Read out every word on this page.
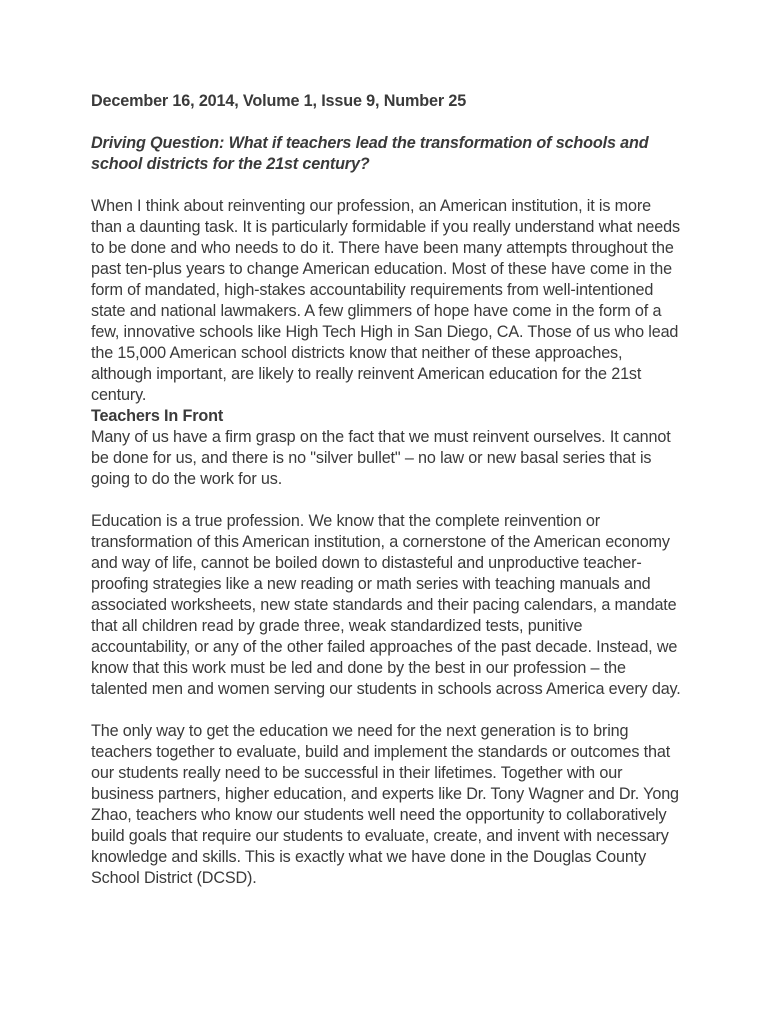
December 16, 2014, Volume 1, Issue 9, Number 25

Driving Question: What if teachers lead the transformation of schools and school districts for the 21st century?

When I think about reinventing our profession, an American institution, it is more than a daunting task. It is particularly formidable if you really understand what needs to be done and who needs to do it. There have been many attempts throughout the past ten-plus years to change American education. Most of these have come in the form of mandated, high-stakes accountability requirements from well-intentioned state and national lawmakers. A few glimmers of hope have come in the form of a few, innovative schools like High Tech High in San Diego, CA. Those of us who lead the 15,000 American school districts know that neither of these approaches, although important, are likely to really reinvent American education for the 21st century.

Teachers In Front

Many of us have a firm grasp on the fact that we must reinvent ourselves. It cannot be done for us, and there is no "silver bullet" – no law or new basal series that is going to do the work for us.

Education is a true profession. We know that the complete reinvention or transformation of this American institution, a cornerstone of the American economy and way of life, cannot be boiled down to distasteful and unproductive teacher-proofing strategies like a new reading or math series with teaching manuals and associated worksheets, new state standards and their pacing calendars, a mandate that all children read by grade three, weak standardized tests, punitive accountability, or any of the other failed approaches of the past decade. Instead, we know that this work must be led and done by the best in our profession – the talented men and women serving our students in schools across America every day.

The only way to get the education we need for the next generation is to bring teachers together to evaluate, build and implement the standards or outcomes that our students really need to be successful in their lifetimes. Together with our business partners, higher education, and experts like Dr. Tony Wagner and Dr. Yong Zhao, teachers who know our students well need the opportunity to collaboratively build goals that require our students to evaluate, create, and invent with necessary knowledge and skills. This is exactly what we have done in the Douglas County School District (DCSD).
